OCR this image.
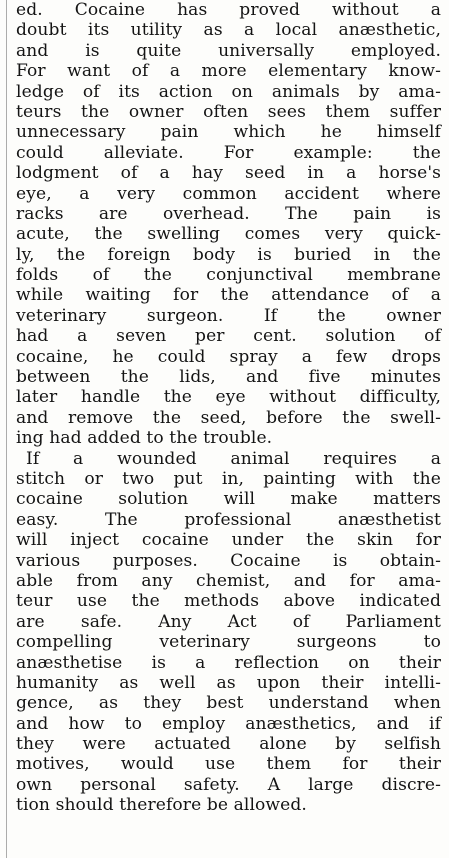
ed. Cocaine has proved without a
doubt its utility as a local anæsthetic,
and is quite universally employed.
For want of a more elementary know-
ledge of its action on animals by ama-
teurs the owner often sees them suffer
unnecessary pain which he himself
could alleviate. For example: the
lodgment of a hay seed in a horse's
eye, a very common accident where
racks are overhead. The pain is
acute, the swelling comes very quick-
ly, the foreign body is buried in the
folds of the conjunctival membrane
while waiting for the attendance of a
veterinary surgeon. If the owner
had a seven per cent. solution of
cocaine, he could spray a few drops
between the lids, and five minutes
later handle the eye without difficulty,
and remove the seed, before the swell-
ing had added to the trouble.
If a wounded animal requires a
stitch or two put in, painting with the
cocaine solution will make matters
easy. The professional anæsthetist
will inject cocaine under the skin for
various purposes. Cocaine is obtain-
able from any chemist, and for ama-
teur use the methods above indicated
are safe. Any Act of Parliament
compelling veterinary surgeons to
anæsthetise is a reflection on their
humanity as well as upon their intelli-
gence, as they best understand when
and how to employ anæsthetics, and if
they were actuated alone by selfish
motives, would use them for their
own personal safety. A large discre-
tion should therefore be allowed.
